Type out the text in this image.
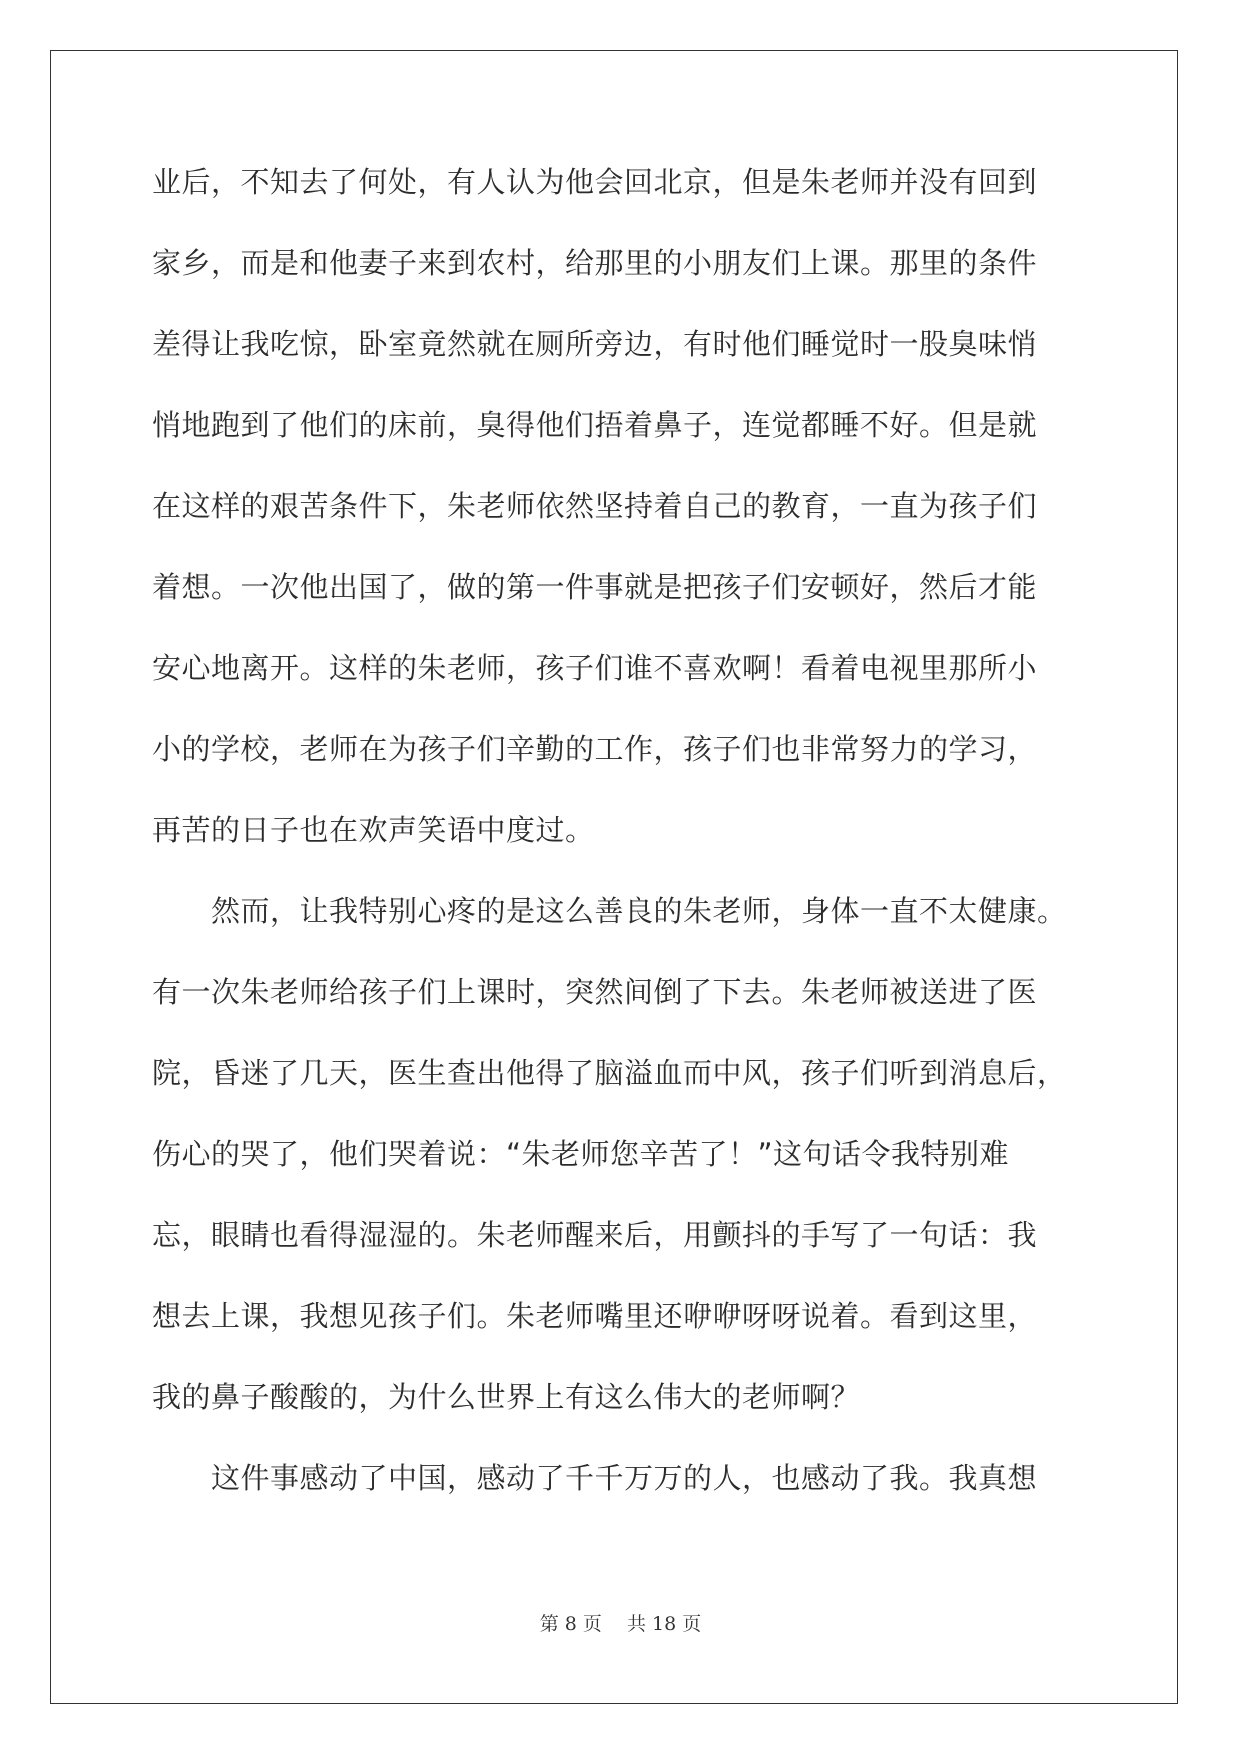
业后，不知去了何处，有人认为他会回北京，但是朱老师并没有回到
家乡，而是和他妻子来到农村，给那里的小朋友们上课。那里的条件
差得让我吃惊，卧室竟然就在厕所旁边，有时他们睡觉时一股臭味悄
悄地跑到了他们的床前，臭得他们捂着鼻子，连觉都睡不好。但是就
在这样的艰苦条件下，朱老师依然坚持着自己的教育，一直为孩子们
着想。一次他出国了，做的第一件事就是把孩子们安顿好，然后才能
安心地离开。这样的朱老师，孩子们谁不喜欢啊！看着电视里那所小
小的学校，老师在为孩子们辛勤的工作，孩子们也非常努力的学习，
再苦的日子也在欢声笑语中度过。
　　然而，让我特别心疼的是这么善良的朱老师，身体一直不太健康。
有一次朱老师给孩子们上课时，突然间倒了下去。朱老师被送进了医
院，昏迷了几天，医生查出他得了脑溢血而中风，孩子们听到消息后，
伤心的哭了，他们哭着说：“朱老师您辛苦了！”这句话令我特别难
忘，眼睛也看得湿湿的。朱老师醒来后，用颤抖的手写了一句话：我
想去上课，我想见孩子们。朱老师嘴里还咿咿呀呀说着。看到这里，
我的鼻子酸酸的，为什么世界上有这么伟大的老师啊？
　　这件事感动了中国，感动了千千万万的人，也感动了我。我真想
第 8 页　 共 18 页
